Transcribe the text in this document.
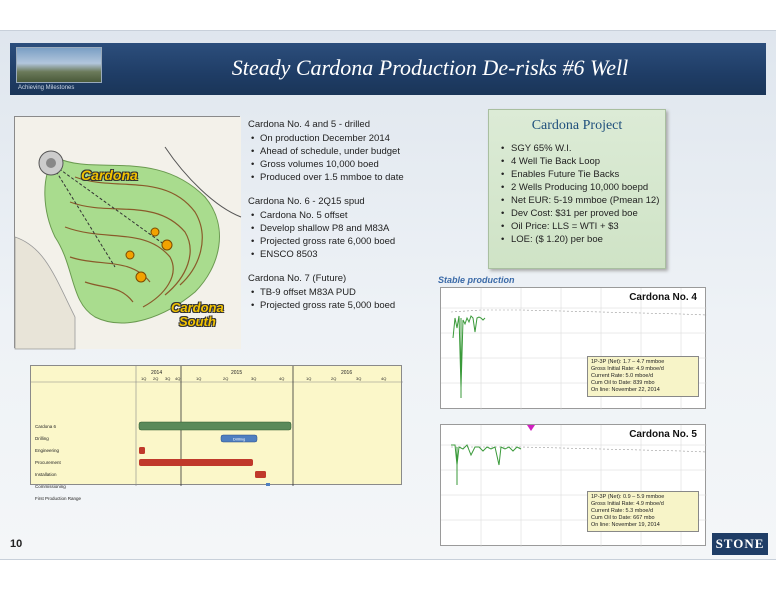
Achieving Milestones
Steady Cardona Production De-risks #6 Well
Cardona
Cardona
South
Cardona No. 4 and 5 - drilled
• On production December 2014
• Ahead of schedule, under budget
• Gross volumes 10,000 boed
• Produced over 1.5 mmboe to date
Cardona No. 6 - 2Q15 spud
• Cardona No. 5 offset
• Develop shallow P8 and M83A
• Projected gross rate 6,000 boed
• ENSCO 8503
Cardona No. 7 (Future)
• TB-9 offset M83A PUD
• Projected gross rate 5,000 boed
Cardona Project
• SGY 65% W.I.
• 4 Well Tie Back Loop
• Enables Future Tie Backs
• 2 Wells Producing 10,000 boepd
• Net EUR: 5-19 mmboe (Pmean 12)
• Dev Cost: $31 per proved boe
• Oil Price: LLS = WTI + $3
• LOE: ($ 1.20) per boe
Stable production
Cardona No. 4
1P-3P (Net): 1.7 – 4.7 mmboe
Gross Initial Rate: 4.9 mboe/d
Current Rate: 5.0 mboe/d
Cum Oil to Date: 839 mbo
On line: November 22, 2014
Cardona No. 5
1P-3P (Net): 0.9 – 5.9 mmboe
Gross Initial Rate: 4.9 mboe/d
Current Rate: 5.3 mboe/d
Cum Oil to Date: 667 mbo
On line: November 19, 2014
2014	2015	2016
1Q 2Q 3Q 4Q	1Q	2Q	3Q	4Q	1Q	2Q	3Q	4Q
Cardona 6
Drilling
Engineering
Procurement
Installation
Commissioning
First Production Range
Drilling
10	STONE
